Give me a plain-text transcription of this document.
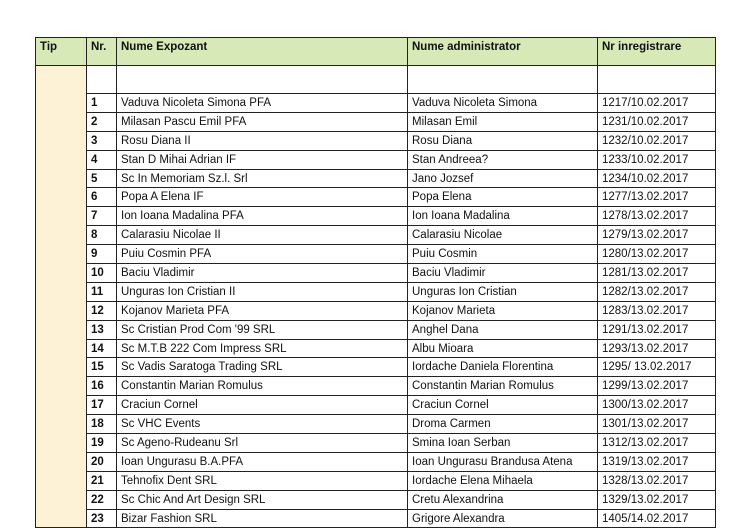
Tip	Nr.	Nume Expozant	Nume administrator	Nr inregistrare

	1	Vaduva Nicoleta Simona PFA	Vaduva Nicoleta Simona	1217/10.02.2017
	2	Milasan Pascu Emil PFA	Milasan Emil	1231/10.02.2017
	3	Rosu Diana II	Rosu Diana	1232/10.02.2017
	4	Stan D Mihai Adrian IF	Stan Andreea?	1233/10.02.2017
	5	Sc In Memoriam Sz.l. Srl	Jano Jozsef	1234/10.02.2017
	6	Popa A Elena IF	Popa Elena	1277/13.02.2017
	7	Ion Ioana Madalina PFA	Ion Ioana Madalina	1278/13.02.2017
	8	Calarasiu Nicolae II	Calarasiu Nicolae	1279/13.02.2017
	9	Puiu Cosmin PFA	Puiu Cosmin	1280/13.02.2017
	10	Baciu Vladimir	Baciu Vladimir	1281/13.02.2017
	11	Unguras Ion Cristian II	Unguras Ion Cristian	1282/13.02.2017
	12	Kojanov Marieta PFA	Kojanov Marieta	1283/13.02.2017
	13	Sc Cristian Prod Com '99 SRL	Anghel Dana	1291/13.02.2017
	14	Sc M.T.B 222 Com Impress SRL	Albu Mioara	1293/13.02.2017
	15	Sc Vadis Saratoga Trading SRL	Iordache Daniela Florentina	1295/ 13.02.2017
	16	Constantin Marian Romulus	Constantin Marian Romulus	1299/13.02.2017
	17	Craciun Cornel	Craciun Cornel	1300/13.02.2017
	18	Sc VHC Events	Droma Carmen	1301/13.02.2017
	19	Sc Ageno-Rudeanu Srl	Smina Ioan Serban	1312/13.02.2017
	20	Ioan Ungurasu B.A.PFA	Ioan Ungurasu Brandusa Atena	1319/13.02.2017
	21	Tehnofix Dent SRL	Iordache Elena Mihaela	1328/13.02.2017
	22	Sc Chic And Art Design SRL	Cretu Alexandrina	1329/13.02.2017
	23	Bizar Fashion SRL	Grigore Alexandra	1405/14.02.2017
